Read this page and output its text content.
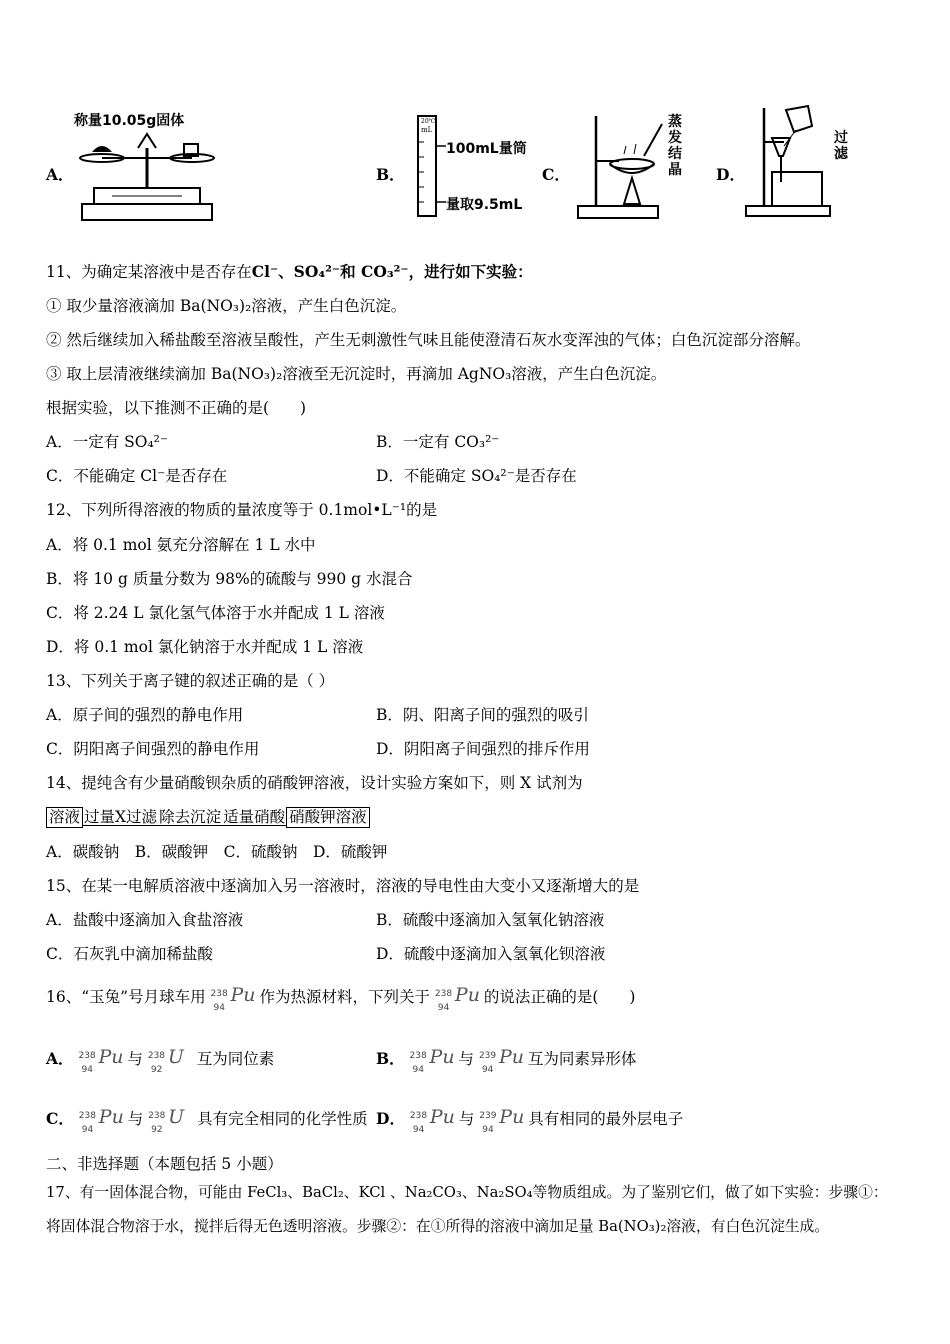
A．
称量10.05g固体
B．
20℃
mL
100mL量筒
量取9.5mL
C．
蒸发结晶 D．
过滤
11、为确定某溶液中是否存在Cl⁻、SO₄²⁻和 CO₃²⁻，进行如下实验：
① 取少量溶液滴加 Ba(NO₃)₂溶液，产生白色沉淀。
② 然后继续加入稀盐酸至溶液呈酸性，产生无刺激性气味且能使澄清石灰水变浑浊的气体；白色沉淀部分溶解。
③ 取上层清液继续滴加 Ba(NO₃)₂溶液至无沉淀时，再滴加 AgNO₃溶液，产生白色沉淀。
根据实验，以下推测不正确的是(　　)
A．一定有 SO₄²⁻	B．一定有 CO₃²⁻
C．不能确定 Cl⁻是否存在	D．不能确定 SO₄²⁻是否存在
12、下列所得溶液的物质的量浓度等于 0.1mol•L⁻¹的是
A．将 0.1 mol 氨充分溶解在 1 L 水中
B．将 10 g 质量分数为 98%的硫酸与 990 g 水混合
C．将 2.24 L 氯化氢气体溶于水并配成 1 L 溶液
D．将 0.1 mol 氯化钠溶于水并配成 1 L 溶液
13、下列关于离子键的叙述正确的是（ ）
A．原子间的强烈的静电作用	B．阴、阳离子间的强烈的吸引
C．阴阳离子间强烈的静电作用	D．阴阳离子间强烈的排斥作用
14、提纯含有少量硝酸钡杂质的硝酸钾溶液，设计实验方案如下，则 X 试剂为
溶液 过量X过滤 除去沉淀 适量硝酸 硝酸钾溶液
A．碳酸钠　B．碳酸钾　C．硫酸钠　D．硫酸钾
15、在某一电解质溶液中逐滴加入另一溶液时，溶液的导电性由大变小又逐渐增大的是
A．盐酸中逐滴加入食盐溶液	B．硫酸中逐滴加入氢氧化钠溶液
C．石灰乳中滴加稀盐酸	D．硫酸中逐滴加入氢氧化钡溶液
16、“玉兔”号月球车用 238
94
Pu 作为热源材料，下列关于 238
94
Pu 的说法正确的是(　　)
A． 238
94
Pu 与 238
92
U 互为同位素	B． 238
94
Pu 与 239
94
Pu 互为同素异形体
C． 238
94
Pu 与 238
92
U 具有完全相同的化学性质 D． 238
94
Pu 与 239
94
Pu 具有相同的最外层电子
二、非选择题（本题包括 5 小题）
17、有一固体混合物，可能由 FeCl₃、BaCl₂、KCl 、Na₂CO₃、Na₂SO₄等物质组成。为了鉴别它们，做了如下实验：步骤①：
将固体混合物溶于水，搅拌后得无色透明溶液。步骤②：在①所得的溶液中滴加足量 Ba(NO₃)₂溶液，有白色沉淀生成。
